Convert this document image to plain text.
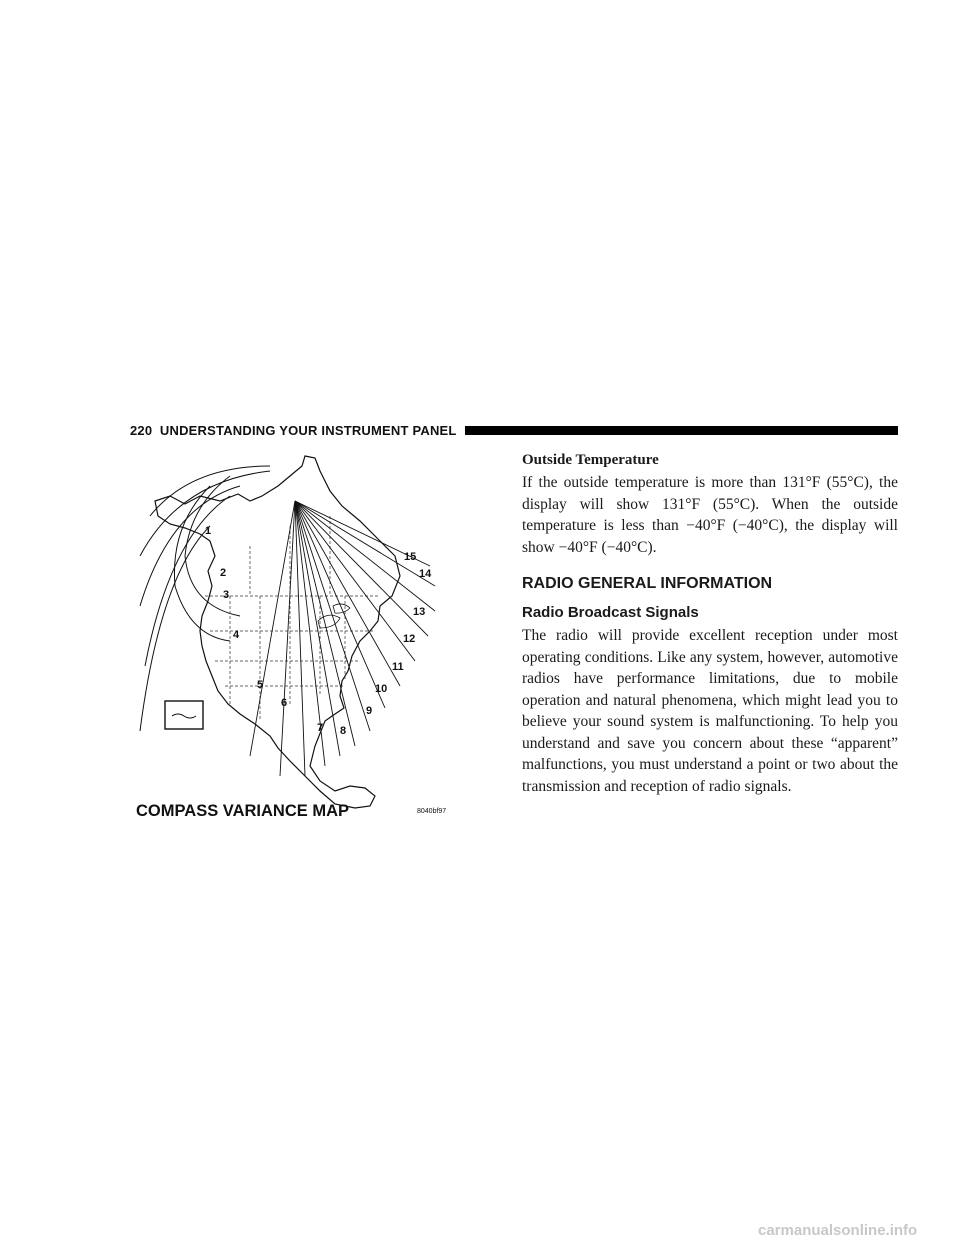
220 UNDERSTANDING YOUR INSTRUMENT PANEL
1
2
3
4
5
6
7 8
9
10
11
12
13
14
15
COMPASS VARIANCE MAP	8040bf97

Outside Temperature

If the outside temperature is more than 131°F (55°C), the display will show 131°F (55°C). When the outside temperature is less than −40°F (−40°C), the display will show −40°F (−40°C).

RADIO GENERAL INFORMATION
Radio Broadcast Signals

The radio will provide excellent reception under most operating conditions. Like any system, however, automotive radios have performance limitations, due to mobile operation and natural phenomena, which might lead you to believe your sound system is malfunctioning. To help you understand and save you concern about these “apparent” malfunctions, you must understand a point or two about the transmission and reception of radio signals.

carmanualsonline.info
